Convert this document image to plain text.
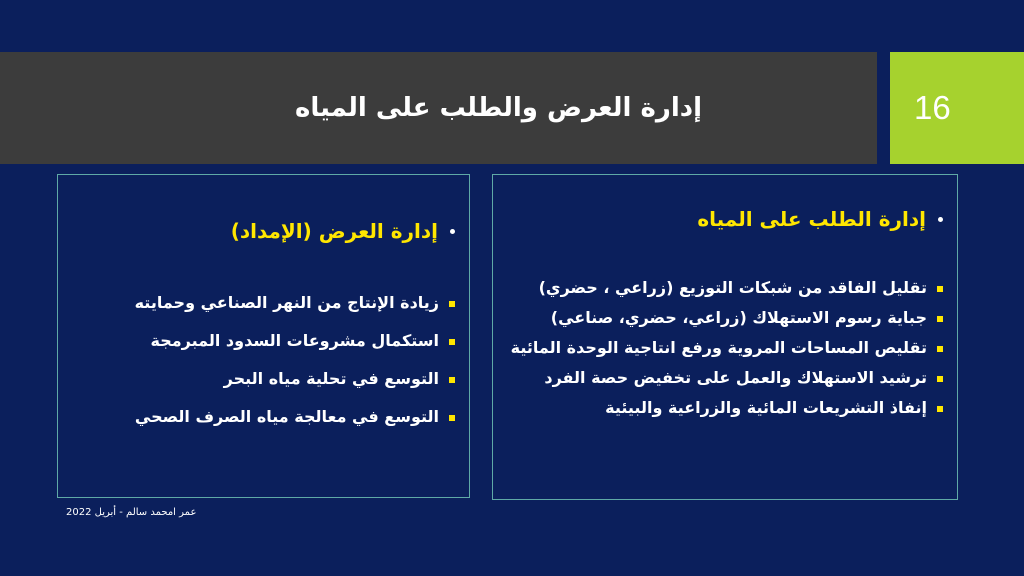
إدارة العرض والطلب على المياه	16
إدارة الطلب على المياه
تقليل الفاقد من شبكات التوزيع (زراعي ، حضري)
جباية رسوم الاستهلاك (زراعي، حضري، صناعي)
تقليص المساحات المروية ورفع انتاجية الوحدة المائية
ترشيد الاستهلاك والعمل على تخفيض حصة الفرد
إنفاذ التشريعات المائية والزراعية والبيئية
إدارة العرض (الإمداد)
زيادة الإنتاج من النهر الصناعي وحمايته
استكمال مشروعات السدود المبرمجة
التوسع في تحلية مياه البحر
التوسع في معالجة مياه الصرف الصحي
عمر امحمد سالم - أبريل 2022
